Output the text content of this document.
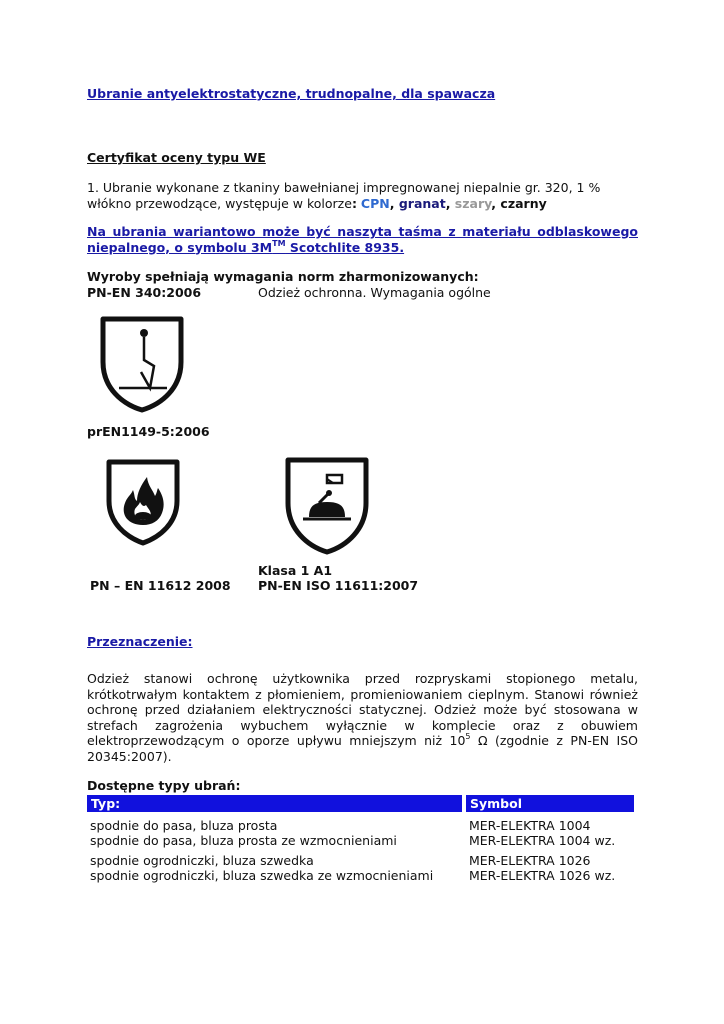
Ubranie antyelektrostatyczne, trudnopalne, dla spawacza
Certyfikat oceny typu WE
1. Ubranie wykonane z tkaniny bawełnianej impregnowanej niepalnie gr. 320, 1 %
włókno przewodzące, występuje w kolorze: CPN, granat, szary, czarny
Na ubrania wariantowo może być naszyta taśma z materiału odblaskowego
niepalnego, o symbolu 3M™ Scotchlite 8935.
Wyroby spełniają wymagania norm zharmonizowanych:
PN-EN 340:2006	Odzież ochronna. Wymagania ogólne
prEN1149-5:2006
Klasa 1 A1
PN – EN 11612 2008 PN-EN ISO 11611:2007
Przeznaczenie:
Odzież stanowi ochronę użytkownika przed rozpryskami stopionego metalu,
krótkotrwałym kontaktem z płomieniem, promieniowaniem cieplnym. Stanowi również
ochronę przed działaniem elektryczności statycznej. Odzież może być stosowana w
strefach zagrożenia wybuchem wyłącznie w komplecie oraz z obuwiem
elektroprzewodzącym o oporze upływu mniejszym niż $10^5$ Ω (zgodnie z PN-EN ISO
20345:2007).
Dostępne typy ubrań:
Typ:	Symbol
spodnie do pasa, bluza prosta	MER-ELEKTRA 1004
spodnie do pasa, bluza prosta ze wzmocnieniami	MER-ELEKTRA 1004 wz.
spodnie ogrodniczki, bluza szwedka	MER-ELEKTRA 1026
spodnie ogrodniczki, bluza szwedka ze wzmocnieniami	MER-ELEKTRA 1026 wz.
